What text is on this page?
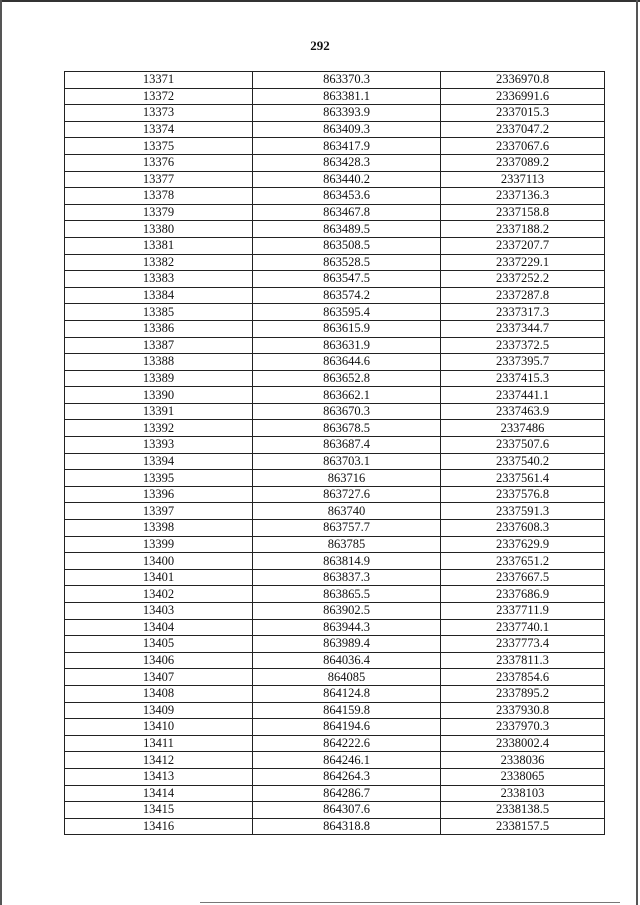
292
13371	863370.3	2336970.8
13372	863381.1	2336991.6
13373	863393.9	2337015.3
13374	863409.3	2337047.2
13375	863417.9	2337067.6
13376	863428.3	2337089.2
13377	863440.2	2337113
13378	863453.6	2337136.3
13379	863467.8	2337158.8
13380	863489.5	2337188.2
13381	863508.5	2337207.7
13382	863528.5	2337229.1
13383	863547.5	2337252.2
13384	863574.2	2337287.8
13385	863595.4	2337317.3
13386	863615.9	2337344.7
13387	863631.9	2337372.5
13388	863644.6	2337395.7
13389	863652.8	2337415.3
13390	863662.1	2337441.1
13391	863670.3	2337463.9
13392	863678.5	2337486
13393	863687.4	2337507.6
13394	863703.1	2337540.2
13395	863716	2337561.4
13396	863727.6	2337576.8
13397	863740	2337591.3
13398	863757.7	2337608.3
13399	863785	2337629.9
13400	863814.9	2337651.2
13401	863837.3	2337667.5
13402	863865.5	2337686.9
13403	863902.5	2337711.9
13404	863944.3	2337740.1
13405	863989.4	2337773.4
13406	864036.4	2337811.3
13407	864085	2337854.6
13408	864124.8	2337895.2
13409	864159.8	2337930.8
13410	864194.6	2337970.3
13411	864222.6	2338002.4
13412	864246.1	2338036
13413	864264.3	2338065
13414	864286.7	2338103
13415	864307.6	2338138.5
13416	864318.8	2338157.5
